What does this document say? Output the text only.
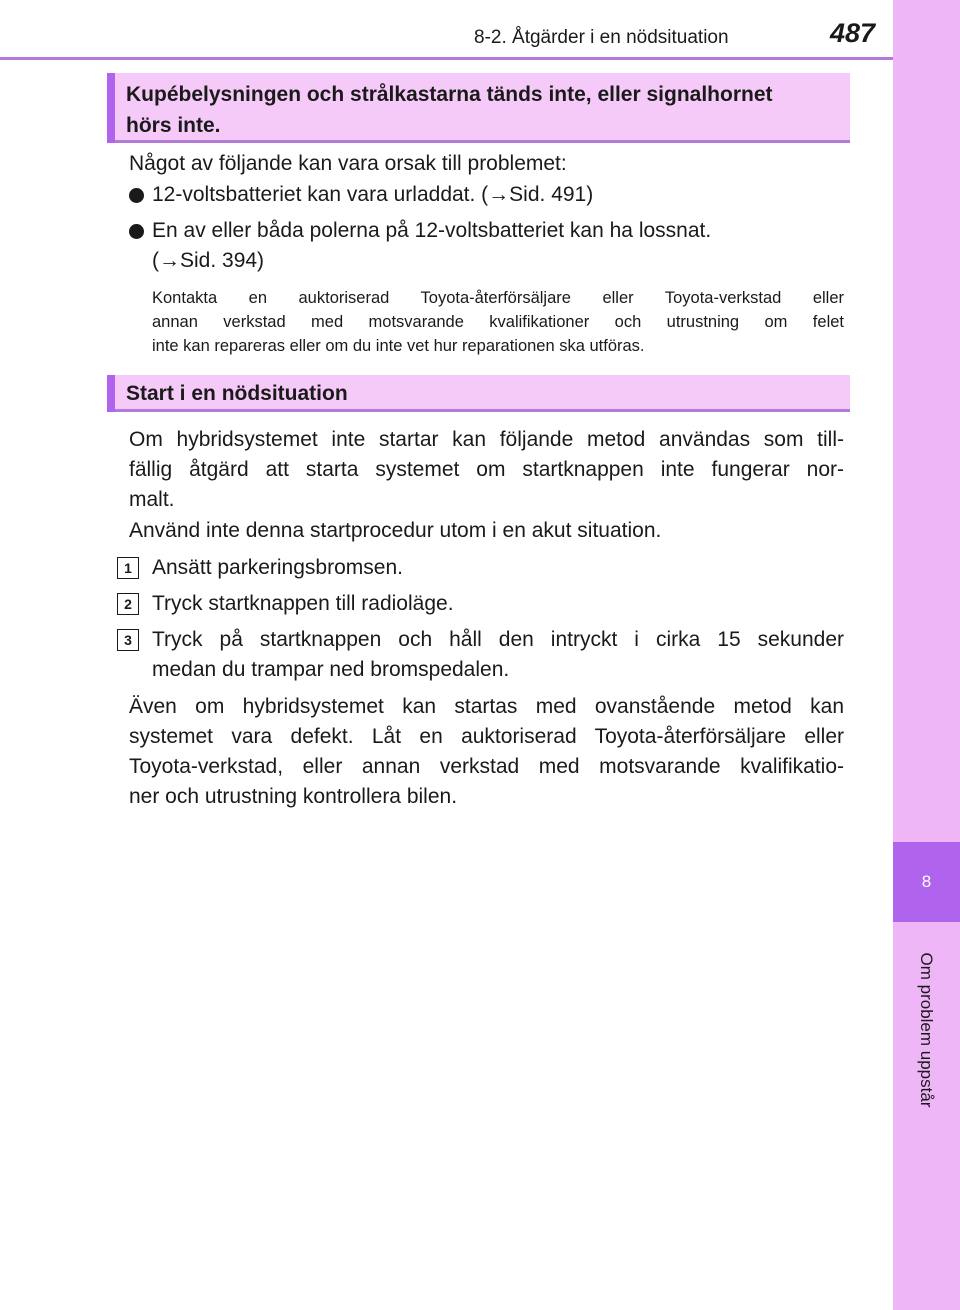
8-2. Åtgärder i en nödsituation	487
8
Om problem uppstår
Kupébelysningen och strålkastarna tänds inte, eller signalhornet
hörs inte.
Något av följande kan vara orsak till problemet:
12-voltsbatteriet kan vara urladdat. (→Sid. 491)
En av eller båda polerna på 12-voltsbatteriet kan ha lossnat.
(→Sid. 394)
Kontakta en auktoriserad Toyota-återförsäljare eller Toyota-verkstad eller
annan verkstad med motsvarande kvalifikationer och utrustning om felet
inte kan repareras eller om du inte vet hur reparationen ska utföras.
Start i en nödsituation
Om hybridsystemet inte startar kan följande metod användas som till-
fällig åtgärd att starta systemet om startknappen inte fungerar nor-
malt.
Använd inte denna startprocedur utom i en akut situation.
1 Ansätt parkeringsbromsen.
2 Tryck startknappen till radioläge.
3 Tryck på startknappen och håll den intryckt i cirka 15 sekunder
medan du trampar ned bromspedalen.
Även om hybridsystemet kan startas med ovanstående metod kan
systemet vara defekt. Låt en auktoriserad Toyota-återförsäljare eller
Toyota-verkstad, eller annan verkstad med motsvarande kvalifikatio-
ner och utrustning kontrollera bilen.
